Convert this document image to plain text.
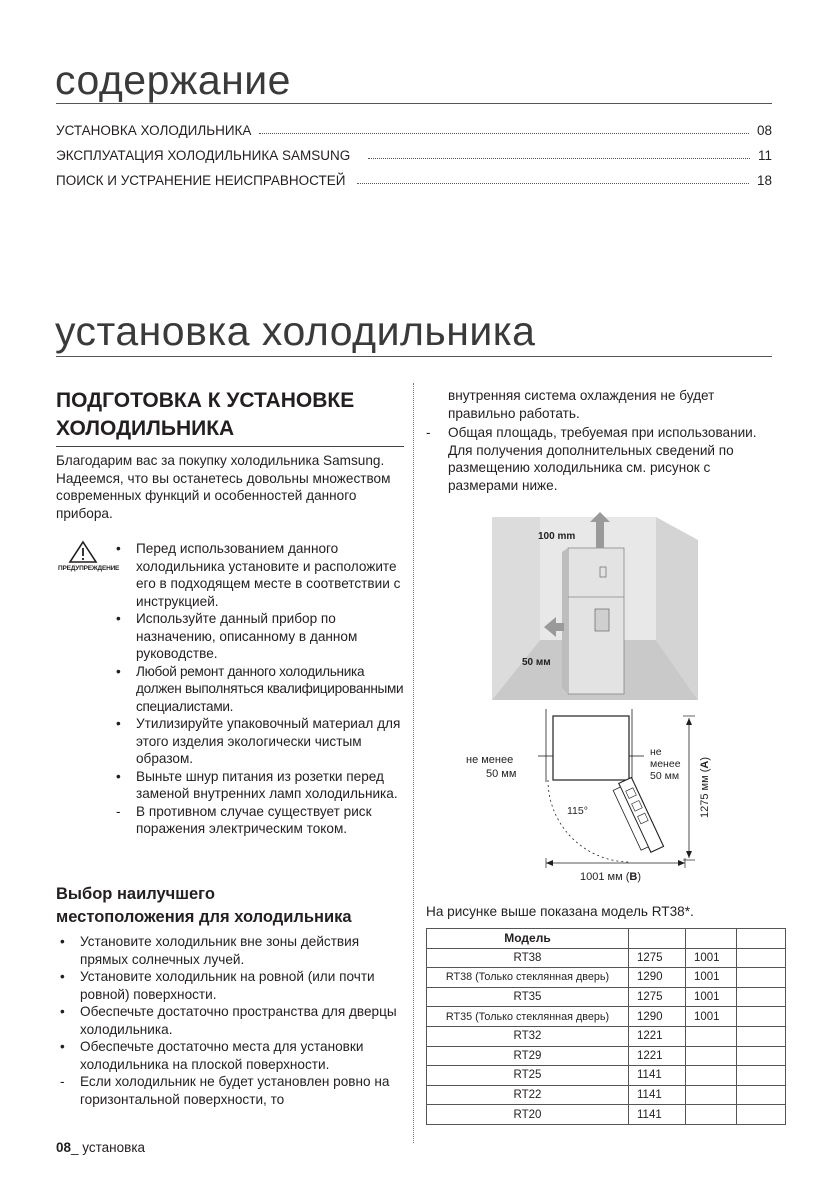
содержание
УСТАНОВКА ХОЛОДИЛЬНИКА	08
ЭКСПЛУАТАЦИЯ ХОЛОДИЛЬНИКА SAMSUNG	11
ПОИСК И УСТРАНЕНИЕ НЕИСПРАВНОСТЕЙ	18
установка холодильника
ПОДГОТОВКА К УСТАНОВКЕ
ХОЛОДИЛЬНИКА
Благодарим вас за покупку холодильника Samsung. Надеемся, что вы останетесь довольны множеством современных функций и особенностей данного прибора.
ПРЕДУПРЕЖДЕНИЕ
• Перед использованием данного холодильника установите и расположите его в подходящем месте в соответствии с инструкцией.
• Используйте данный прибор по назначению, описанному в данном руководстве.
• Любой ремонт данного холодильника должен выполняться квалифицированными специалистами.
• Утилизируйте упаковочный материал для этого изделия экологически чистым образом.
• Выньте шнур питания из розетки перед заменой внутренних ламп холодильника.
- В противном случае существует риск поражения электрическим током.
Выбор наилучшего
местоположения для холодильника
• Установите холодильник вне зоны действия прямых солнечных лучей.
• Установите холодильник на ровной (или почти ровной) поверхности.
• Обеспечьте достаточно пространства для дверцы холодильника.
• Обеспечьте достаточно места для установки холодильника на плоской поверхности.
- Если холодильник не будет установлен ровно на горизонтальной поверхности, то
внутренняя система охлаждения не будет правильно работать.
- Общая площадь, требуемая при использовании. Для получения дополнительных сведений по размещению холодильника см. рисунок с размерами ниже.
100 mm
50 мм
не менее
50 мм
не
менее
50 мм
115°	1275 мм (A)
1001 мм (B)
На рисунке выше показана модель RT38*.
Модель			
RT38	1275	1001	
RT38 (Только стеклянная дверь)	1290	1001	
RT35	1275	1001	
RT35 (Только стеклянная дверь)	1290	1001	
RT32	1221		
RT29	1221		
RT25	1141		
RT22	1141		
RT20	1141		
08_ установка
